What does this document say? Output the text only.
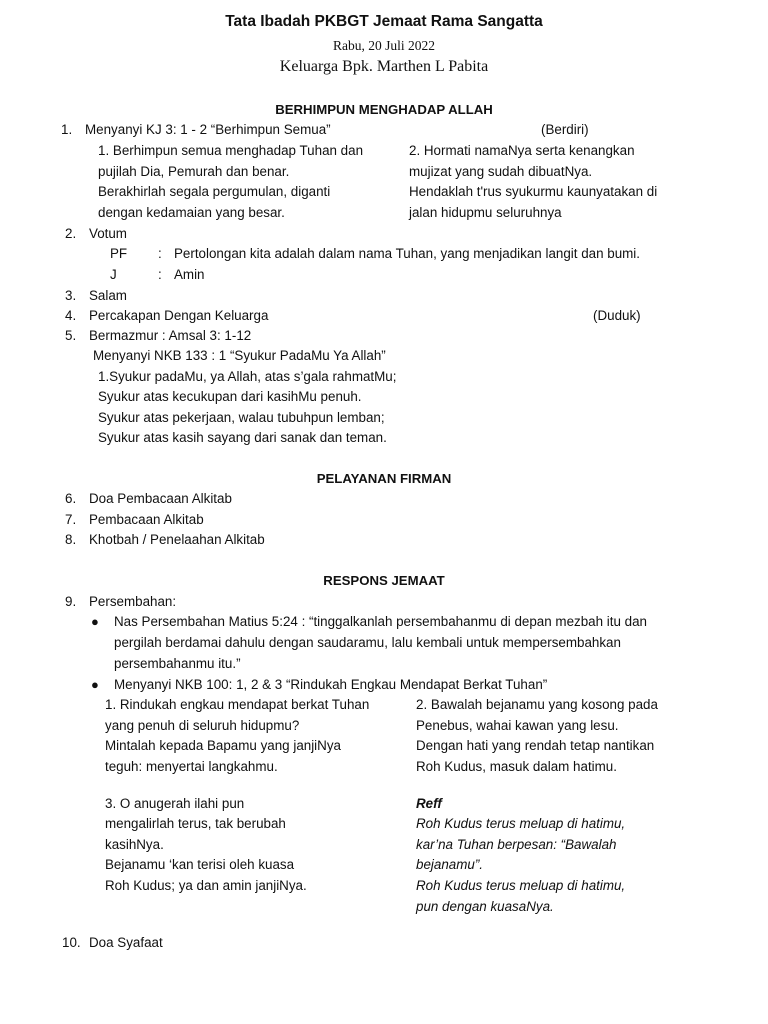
Tata Ibadah PKBGT Jemaat Rama Sangatta
Rabu, 20 Juli 2022
Keluarga Bpk. Marthen L Pabita
BERHIMPUN MENGHADAP ALLAH
1. Menyanyi KJ 3: 1 - 2 “Berhimpun Semua”	(Berdiri)
1. Berhimpun semua menghadap Tuhan dan
pujilah Dia, Pemurah dan benar.
Berakhirlah segala pergumulan, diganti
dengan kedamaian yang besar.
2. Hormati namaNya serta kenangkan
mujizat yang sudah dibuatNya.
Hendaklah t'rus syukurmu kaunyatakan di
jalan hidupmu seluruhnya
2. Votum
PF : Pertolongan kita adalah dalam nama Tuhan, yang menjadikan langit dan bumi.
J	: Amin
3. Salam
4. Percakapan Dengan Keluarga	(Duduk)
5. Bermazmur : Amsal 3: 1-12
Menyanyi NKB 133 : 1 “Syukur PadaMu Ya Allah”
1.Syukur padaMu, ya Allah, atas s’gala rahmatMu;
Syukur atas kecukupan dari kasihMu penuh.
Syukur atas pekerjaan, walau tubuhpun lemban;
Syukur atas kasih sayang dari sanak dan teman.
PELAYANAN FIRMAN
6. Doa Pembacaan Alkitab
7. Pembacaan Alkitab
8. Khotbah / Penelaahan Alkitab
RESPONS JEMAAT
9. Persembahan:
● Nas Persembahan Matius 5:24 : “tinggalkanlah persembahanmu di depan mezbah itu dan
pergilah berdamai dahulu dengan saudaramu, lalu kembali untuk mempersembahkan
persembahanmu itu.”
● Menyanyi NKB 100: 1, 2 & 3 “Rindukah Engkau Mendapat Berkat Tuhan”
1. Rindukah engkau mendapat berkat Tuhan
yang penuh di seluruh hidupmu?
Mintalah kepada Bapamu yang janjiNya
teguh: menyertai langkahmu.
2. Bawalah bejanamu yang kosong pada
Penebus, wahai kawan yang lesu.
Dengan hati yang rendah tetap nantikan
Roh Kudus, masuk dalam hatimu.
3. O anugerah ilahi pun
mengalirlah terus, tak berubah
kasihNya.
Bejanamu ‘kan terisi oleh kuasa
Roh Kudus; ya dan amin janjiNya.
Reff
Roh Kudus terus meluap di hatimu,
kar’na Tuhan berpesan: “Bawalah
bejanamu”.
Roh Kudus terus meluap di hatimu,
pun dengan kuasaNya.
10. Doa Syafaat
